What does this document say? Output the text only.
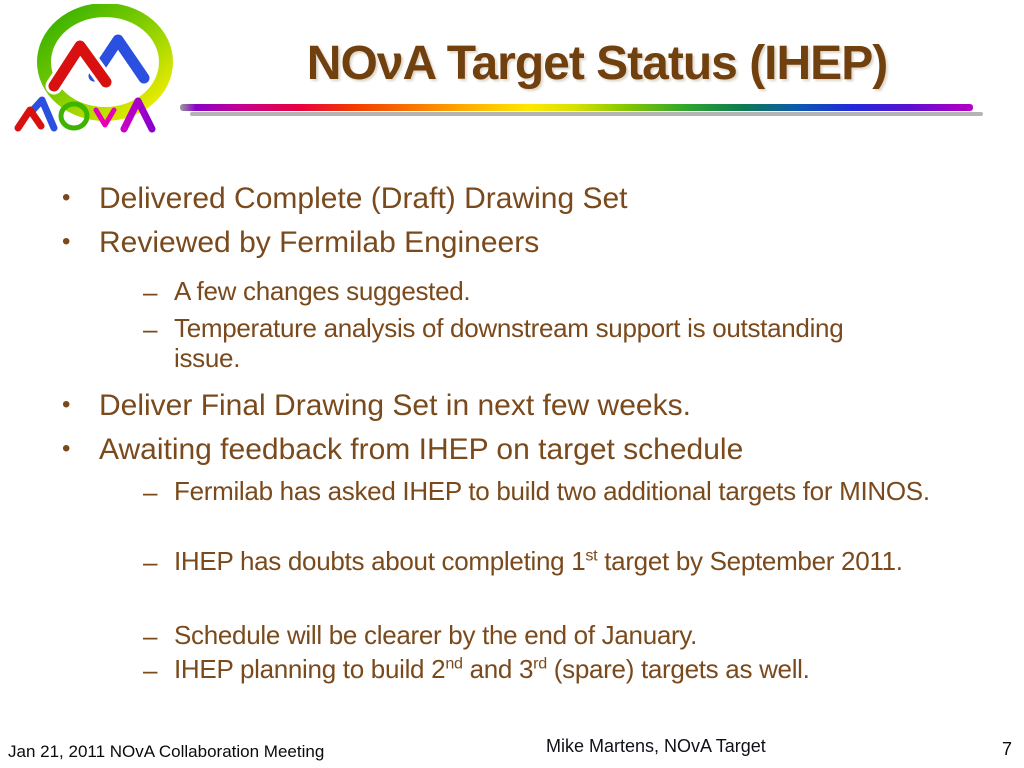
NOνA Target Status (IHEP)
• Delivered Complete (Draft) Drawing Set
• Reviewed by Fermilab Engineers
– A few changes suggested.
– Temperature analysis of downstream support is outstanding issue.
• Deliver Final Drawing Set in next few weeks.
• Awaiting feedback from IHEP on target schedule
– Fermilab has asked IHEP to build two additional targets for MINOS.
– IHEP has doubts about completing 1st target by September 2011.
– Schedule will be clearer by the end of January.
– IHEP planning to build 2nd and 3rd (spare) targets as well.
Jan 21, 2011 NOvA Collaboration Meeting	Mike Martens, NOvA Target	7
